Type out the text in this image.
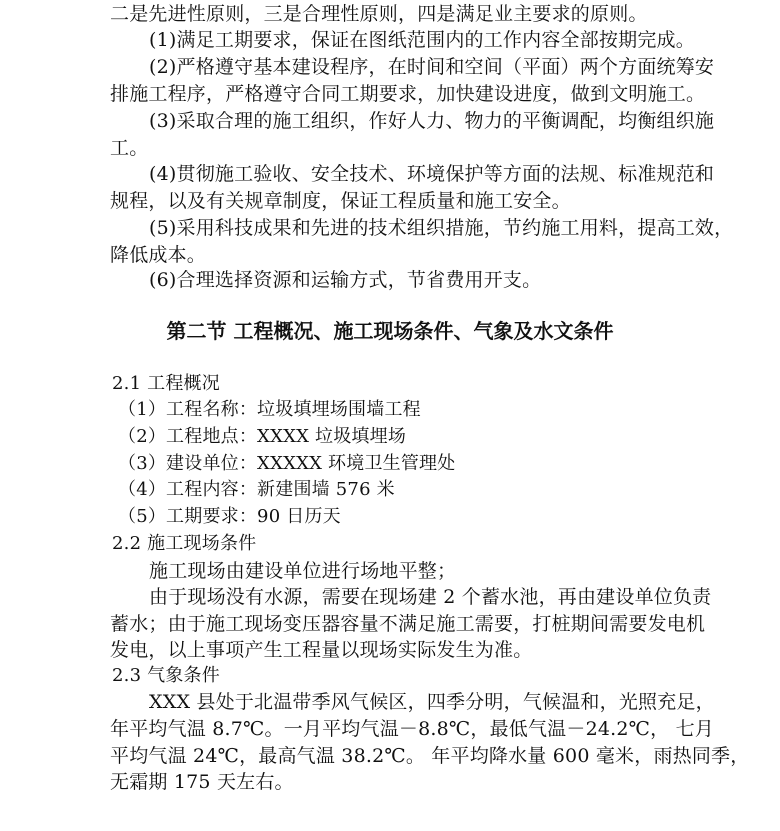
二是先进性原则，三是合理性原则，四是满足业主要求的原则。
(1)满足工期要求，保证在图纸范围内的工作内容全部按期完成。
(2)严格遵守基本建设程序，在时间和空间（平面）两个方面统筹安
排施工程序，严格遵守合同工期要求，加快建设进度，做到文明施工。
(3)采取合理的施工组织，作好人力、物力的平衡调配，均衡组织施
工。
(4)贯彻施工验收、安全技术、环境保护等方面的法规、标准规范和
规程，以及有关规章制度，保证工程质量和施工安全。
(5)采用科技成果和先进的技术组织措施，节约施工用料，提高工效，
降低成本。
(6)合理选择资源和运输方式，节省费用开支。
第二节 工程概况、施工现场条件、气象及水文条件
2.1 工程概况
（1）工程名称：垃圾填埋场围墙工程
（2）工程地点：XXXX 垃圾填埋场
（3）建设单位：XXXXX 环境卫生管理处
（4）工程内容：新建围墙 576 米
（5）工期要求：90 日历天
2.2 施工现场条件
施工现场由建设单位进行场地平整；
由于现场没有水源，需要在现场建 2 个蓄水池，再由建设单位负责
蓄水；由于施工现场变压器容量不满足施工需要，打桩期间需要发电机
发电，以上事项产生工程量以现场实际发生为准。
2.3 气象条件
XXX 县处于北温带季风气候区，四季分明，气候温和，光照充足，
年平均气温 8.7℃。一月平均气温－8.8℃，最低气温－24.2℃， 七月
平均气温 24℃，最高气温 38.2℃。 年平均降水量 600 毫米，雨热同季，
无霜期 175 天左右。
